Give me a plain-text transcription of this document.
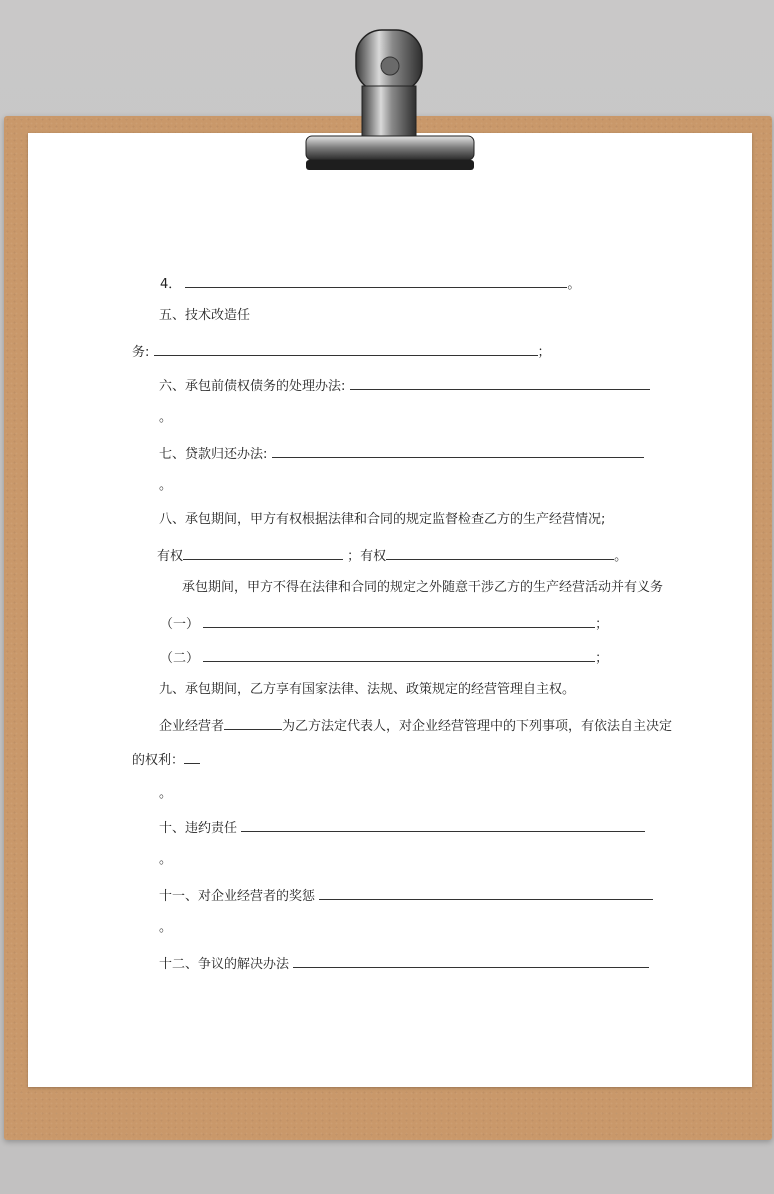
4．	。
五、技术改造任
务:	；
六、承包前债权债务的处理办法:
。
七、贷款归还办法:
。
八、承包期间，甲方有权根据法律和合同的规定监督检查乙方的生产经营情况;
有权	；有权	。
承包期间，甲方不得在法律和合同的规定之外随意干涉乙方的生产经营活动并有义务
（一）	；
（二）	；
九、承包期间，乙方享有国家法律、法规、政策规定的经营管理自主权。
企业经营者	为乙方法定代表人，对企业经营管理中的下列事项，有依法自主决定
的权利：
。
十、违约责任
。
十一、对企业经营者的奖惩
。
十二、争议的解决办法
